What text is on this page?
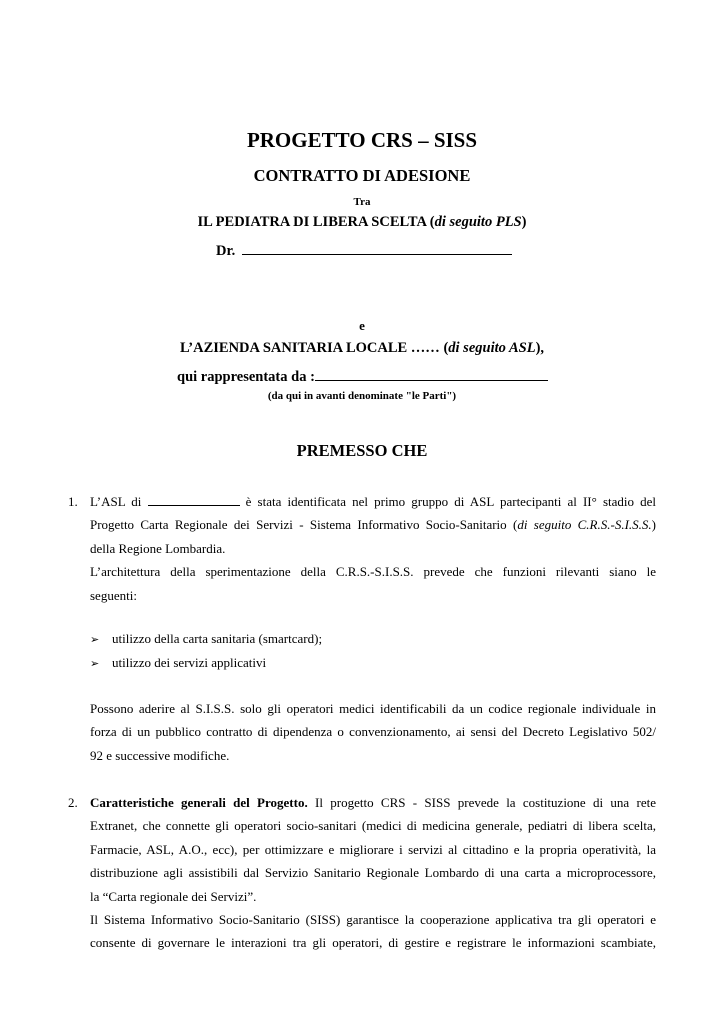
PROGETTO CRS – SISS
CONTRATTO DI ADESIONE
Tra
IL PEDIATRA DI LIBERA SCELTA (di seguito PLS)
Dr.
e
L’AZIENDA SANITARIA LOCALE …… (di seguito ASL),
qui rappresentata da :
(da qui in avanti denominate "le Parti")
PREMESSO CHE
1. L’ASL di	è stata identificata nel primo gruppo di ASL partecipanti al II° stadio del
Progetto Carta Regionale dei Servizi - Sistema Informativo Socio-Sanitario (di seguito C.R.S.-S.I.S.S.)
della Regione Lombardia.
L’architettura della sperimentazione della C.R.S.-S.I.S.S. prevede che funzioni rilevanti siano le
seguenti:
➢ utilizzo della carta sanitaria (smartcard);
➢ utilizzo dei servizi applicativi
Possono aderire al S.I.S.S. solo gli operatori medici identificabili da un codice regionale individuale in
forza di un pubblico contratto di dipendenza o convenzionamento, ai sensi del Decreto Legislativo 502/
92 e successive modifiche.
2. Caratteristiche generali del Progetto. Il progetto CRS - SISS prevede la costituzione di una rete
Extranet, che connette gli operatori socio-sanitari (medici di medicina generale, pediatri di libera scelta,
Farmacie, ASL, A.O., ecc), per ottimizzare e migliorare i servizi al cittadino e la propria operatività, la
distribuzione agli assistibili dal Servizio Sanitario Regionale Lombardo di una carta a microprocessore,
la “Carta regionale dei Servizi”.
Il Sistema Informativo Socio-Sanitario (SISS) garantisce la cooperazione applicativa tra gli operatori e
consente di governare le interazioni tra gli operatori, di gestire e registrare le informazioni scambiate,
